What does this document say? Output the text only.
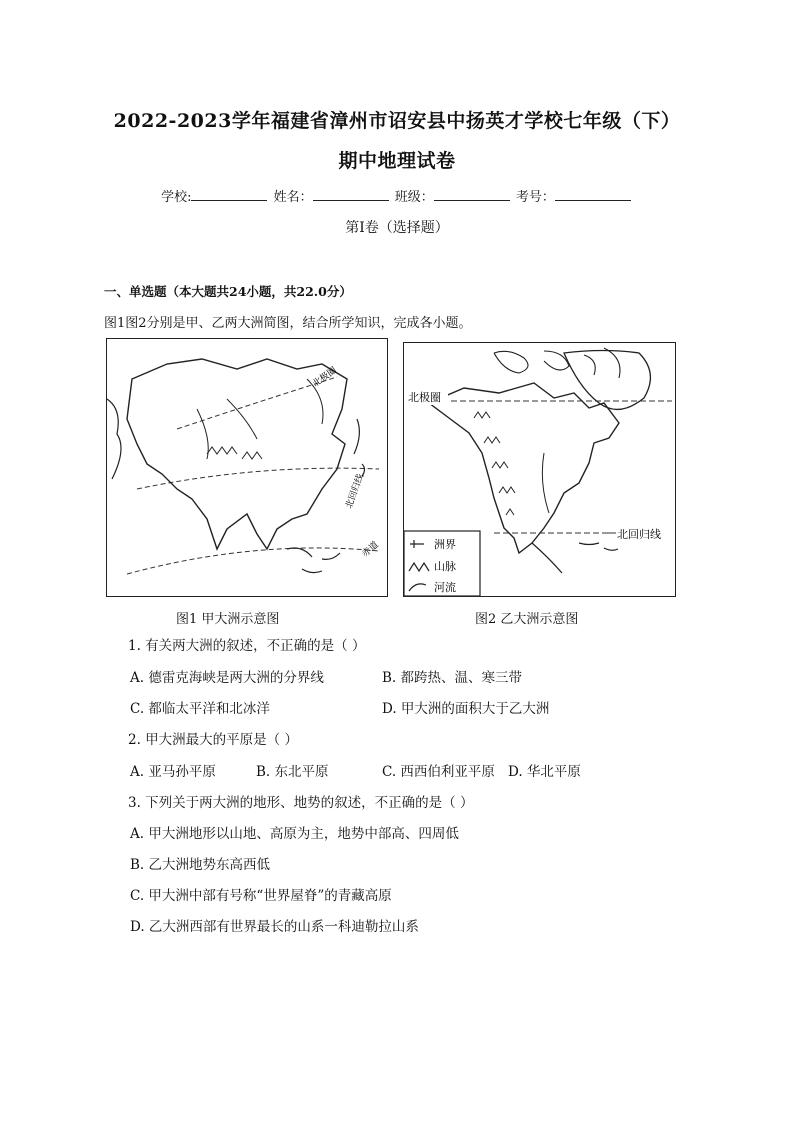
2022-2023学年福建省漳州市诏安县中扬英才学校七年级（下）
期中地理试卷
学校:	姓名：	班级：	考号：
第I卷（选择题）
一、单选题（本大题共24小题，共22.0分）
图1图2分别是甲、乙两大洲简图，结合所学知识，完成各小题。
北极圈
北回归线
赤道
图1 甲大洲示意图
北极圈
北回归线
洲界
山脉
河流
图2 乙大洲示意图
1. 有关两大洲的叙述，不正确的是（ ）
A. 德雷克海峡是两大洲的分界线	B. 都跨热、温、寒三带
C. 都临太平洋和北冰洋	D. 甲大洲的面积大于乙大洲
2. 甲大洲最大的平原是（ ）
A. 亚马孙平原	B. 东北平原	C. 西西伯利亚平原 D. 华北平原
3. 下列关于两大洲的地形、地势的叙述，不正确的是（ ）
A. 甲大洲地形以山地、高原为主，地势中部高、四周低
B. 乙大洲地势东高西低
C. 甲大洲中部有号称“世界屋脊”的青藏高原
D. 乙大洲西部有世界最长的山系一科迪勒拉山系
